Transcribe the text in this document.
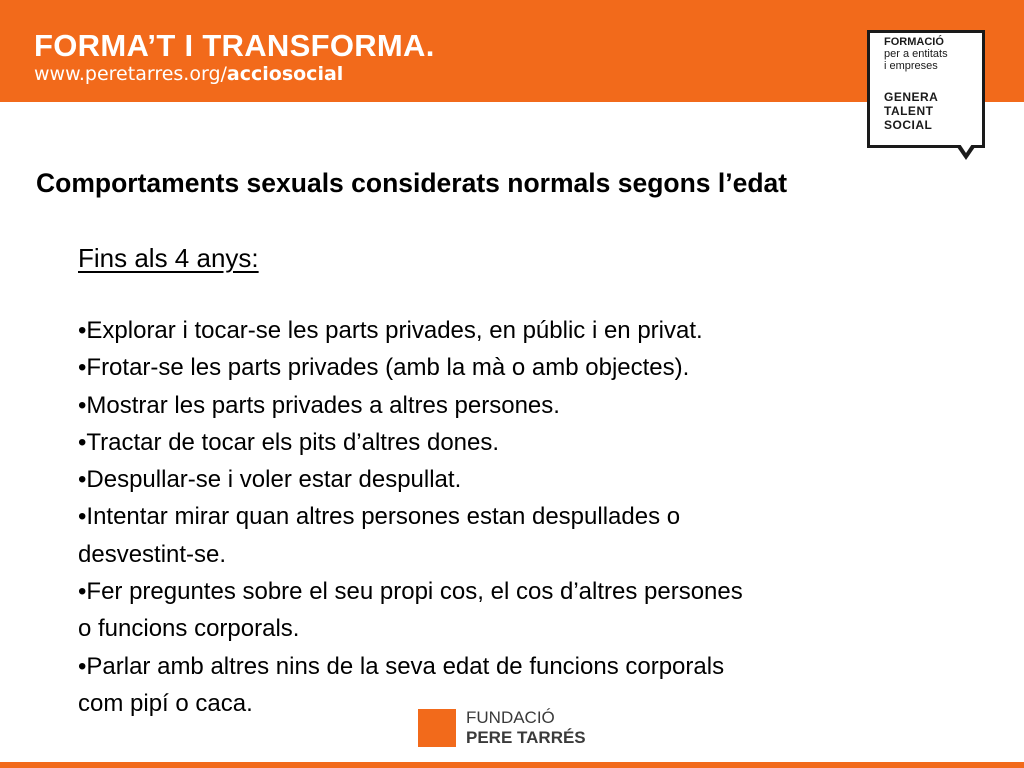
FORMA’T I TRANSFORMA.
www.peretarres.org/acciosocial
FORMACIÓ
per a entitats
i empreses
GENERA
TALENT
SOCIAL
Comportaments sexuals considerats normals segons l’edat
Fins als 4 anys:
•Explorar i tocar-se les parts privades, en públic i en privat.
•Frotar-se les parts privades (amb la mà o amb objectes).
•Mostrar les parts privades a altres persones.
•Tractar de tocar els pits d’altres dones.
•Despullar-se i voler estar despullat.
•Intentar mirar quan altres persones estan despullades o
desvestint-se.
•Fer preguntes sobre el seu propi cos, el cos d’altres persones
o funcions corporals.
•Parlar amb altres nins de la seva edat de funcions corporals
com pipí o caca.
FUNDACIÓ
PERE TARRÉS
